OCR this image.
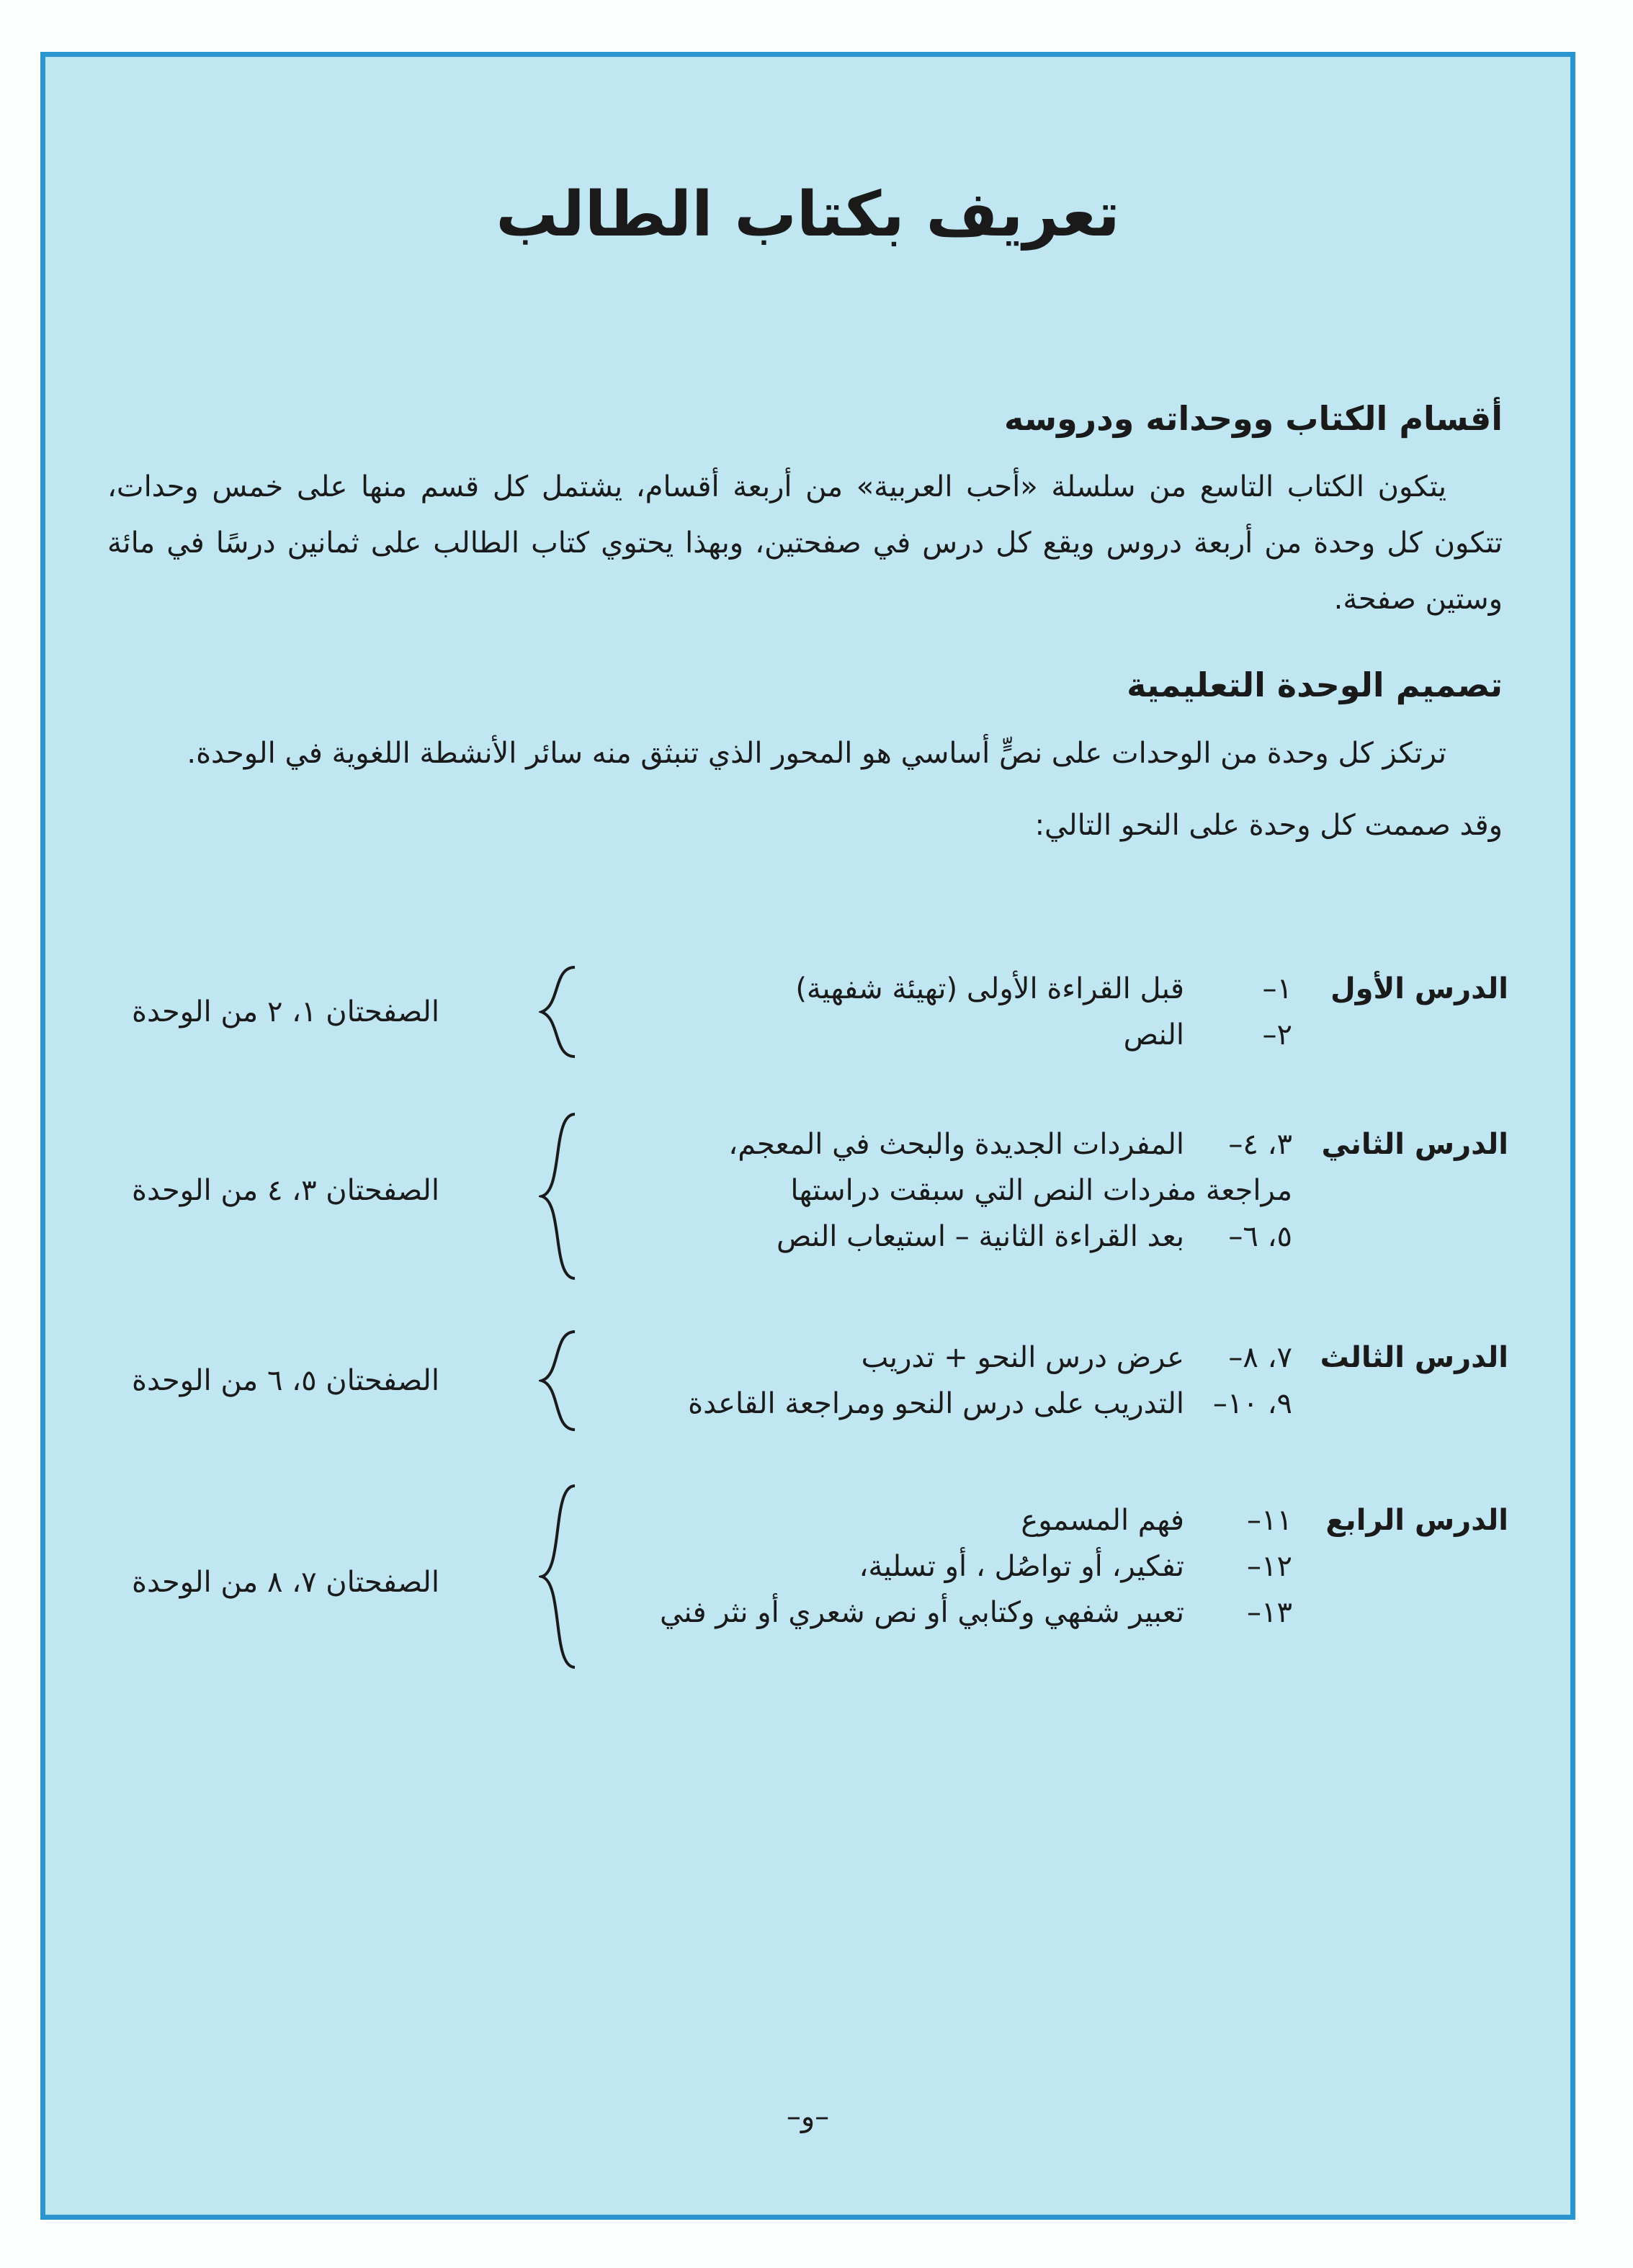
تعريف بكتاب الطالب
أقسام الكتاب ووحداته ودروسه

يتكون الكتاب التاسع من سلسلة «أحب العربية» من أربعة أقسام، يشتمل كل قسم منها على خمس وحدات، تتكون كل وحدة من أربعة دروس ويقع كل درس في صفحتين، وبهذا يحتوي كتاب الطالب على ثمانين درسًا في مائة وستين صفحة.

تصميم الوحدة التعليمية

ترتكز كل وحدة من الوحدات على نصٍّ أساسي هو المحور الذي تنبثق منه سائر الأنشطة اللغوية في الوحدة.

وقد صممت كل وحدة على النحو التالي:

الدرس الأول
١–
قبل القراءة الأولى (تهيئة شفهية)
٢–
النص
الصفحتان ١، ٢ من الوحدة
الدرس الثاني
٣، ٤–
المفردات الجديدة والبحث في المعجم،
مراجعة مفردات النص التي سبقت دراستها
٥، ٦–
بعد القراءة الثانية – استيعاب النص
الصفحتان ٣، ٤ من الوحدة
الدرس الثالث
٧، ٨–
عرض درس النحو + تدريب
٩، ١٠–
التدريب على درس النحو ومراجعة القاعدة
الصفحتان ٥، ٦ من الوحدة
الدرس الرابع
١١–
فهم المسموع
١٢–
تفكير، أو تواصُل ، أو تسلية،
١٣–
تعبير شفهي وكتابي أو نص شعري أو نثر فني
الصفحتان ٧، ٨ من الوحدة
–و–
